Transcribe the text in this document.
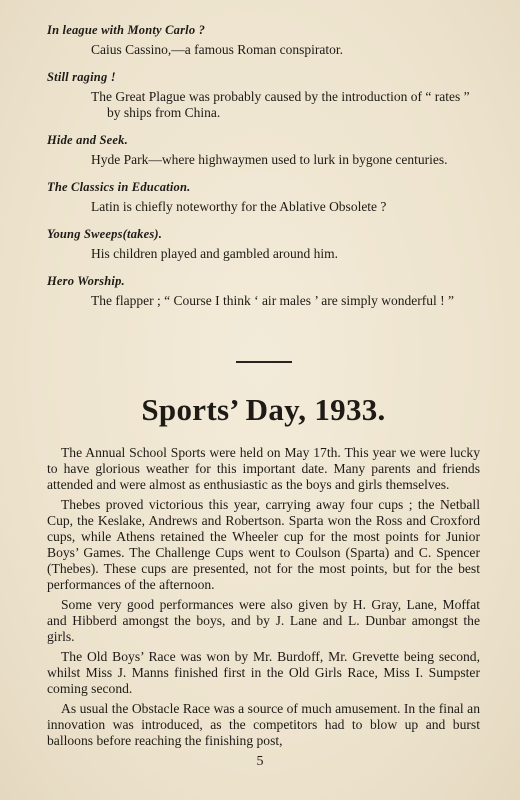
In league with Monty Carlo ?

Caius Cassino,—a famous Roman conspirator.

Still raging !

The Great Plague was probably caused by the introduction of “ rates ” by ships from China.

Hide and Seek.

Hyde Park—where highwaymen used to lurk in bygone centuries.

The Classics in Education.

Latin is chiefly noteworthy for the Ablative Obsolete ?

Young Sweeps(takes).

His children played and gambled around him.

Hero Worship.

The flapper ; “ Course I think ‘ air males ’ are simply wonderful ! ”

Sports’ Day, 1933.

The Annual School Sports were held on May 17th. This year we were lucky to have glorious weather for this important date. Many parents and friends attended and were almost as enthusiastic as the boys and girls themselves.

Thebes proved victorious this year, carrying away four cups ; the Netball Cup, the Keslake, Andrews and Robertson. Sparta won the Ross and Croxford cups, while Athens retained the Wheeler cup for the most points for Junior Boys’ Games. The Challenge Cups went to Coulson (Sparta) and C. Spencer (Thebes). These cups are presented, not for the most points, but for the best performances of the afternoon.

Some very good performances were also given by H. Gray, Lane, Moffat and Hibberd amongst the boys, and by J. Lane and L. Dunbar amongst the girls.

The Old Boys’ Race was won by Mr. Burdoff, Mr. Grevette being second, whilst Miss J. Manns finished first in the Old Girls Race, Miss I. Sumpster coming second.

As usual the Obstacle Race was a source of much amusement. In the final an innovation was introduced, as the competitors had to blow up and burst balloons before reaching the finishing post,

5
